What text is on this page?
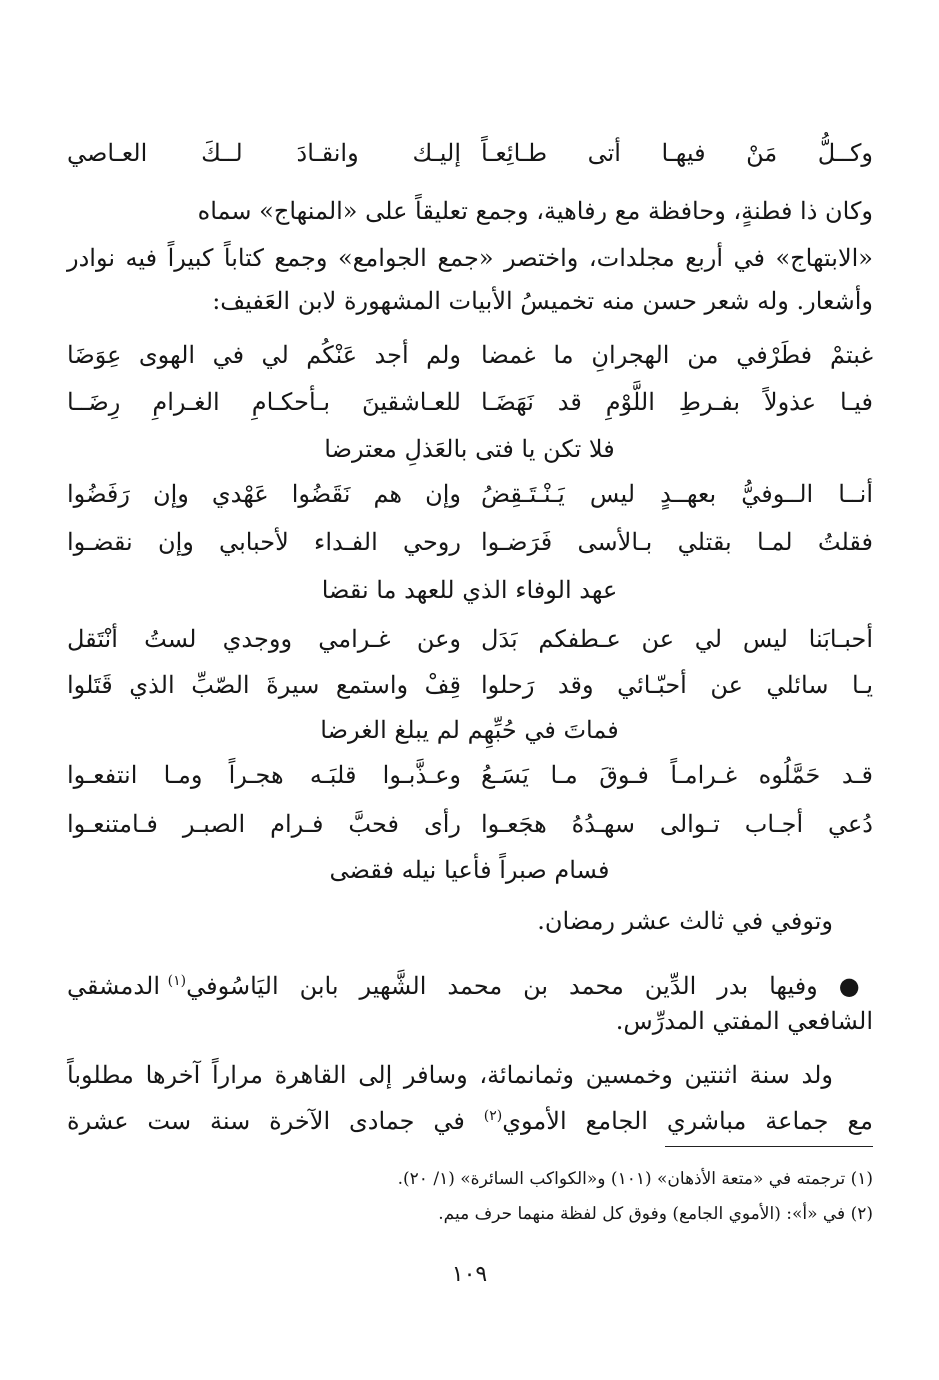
وكــلُّ مَنْ فيهـا أتى طـائِعـاً
إليـك وانقـادَ لــكَ العـاصي
وكان ذا فطنةٍ، وحافظة مع رفاهية، وجمع تعليقاً على «المنهاج» سماه
«الابتهاج» في أربع مجلدات، واختصر «جمع الجوامع» وجمع كتاباً كبيراً فيه نوادر
وأشعار. وله شعر حسن منه تخميسُ الأبيات المشهورة لابن العَفيف:
غبتمْ فطَرْفي من الهجرانِ ما غمضا
ولم أجد عَنْكُم لي في الهوى عِوَضَا
فيـا عذولاً بفـرطِ اللَّوْمِ قد نَهَضَـا
للعـاشقينَ بـأحكـامِ الغـرامِ رِضَــا
فلا تكن يا فتى بالعَذلِ معترضا
أنــا الــوفيُّ بعهــدٍ ليس يَـنْـتَـقِضُ
وإن هم نَقَضُوا عَهْدي وإن رَفَضُوا
فقلتُ لمـا بقتلي بـالأسى فَرَضـوا
روحي الفـداء لأحبابي وإن نقضـوا
عهد الوفاء الذي للعهد ما نقضا
أحبـابَنا ليس لي عن عـطفكم بَدَل
وعن غـرامي ووجدي لستُ أنْتَقل
يـا سائلي عن أحبّـائي وقد رَحلوا
قِفْ واستمع سيرةَ الصّبِّ الذي قَتَلوا
فماتَ في حُبِّهِم لم يبلغ الغرضا
قـد حَمَّلُوه غـرامـاً فـوقَ مـا يَسَـعُ
وعـذَّبـوا قلبَـه هجـراً ومـا انتفعـوا
دُعي أجـاب تـوالى سهـدُهُ هجَعـوا
رأى فحبَّ فـرام الصبـر فـامتنعـوا
فسام صبراً فأعيا نيله فقضى
وتوفي في ثالث عشر رمضان.
● وفيها بدر الدِّين محمد بن محمد الشَّهير بابن اليَاسُوفي$^{(١)}$ الدمشقي
الشافعي المفتي المدرِّس.
ولد سنة اثنتين وخمسين وثمانمائة، وسافر إلى القاهرة مراراً آخرها مطلوباً
مع جماعة مباشري الجامع الأموي$^{(٢)}$ في جمادى الآخرة سنة ست عشرة
(١) ترجمته في «متعة الأذهان» (١٠١) و«الكواكب السائرة» (١/ ٢٠).
(٢) في «أ»: (الأموي الجامع) وفوق كل لفظة منهما حرف ميم.
١٠٩
